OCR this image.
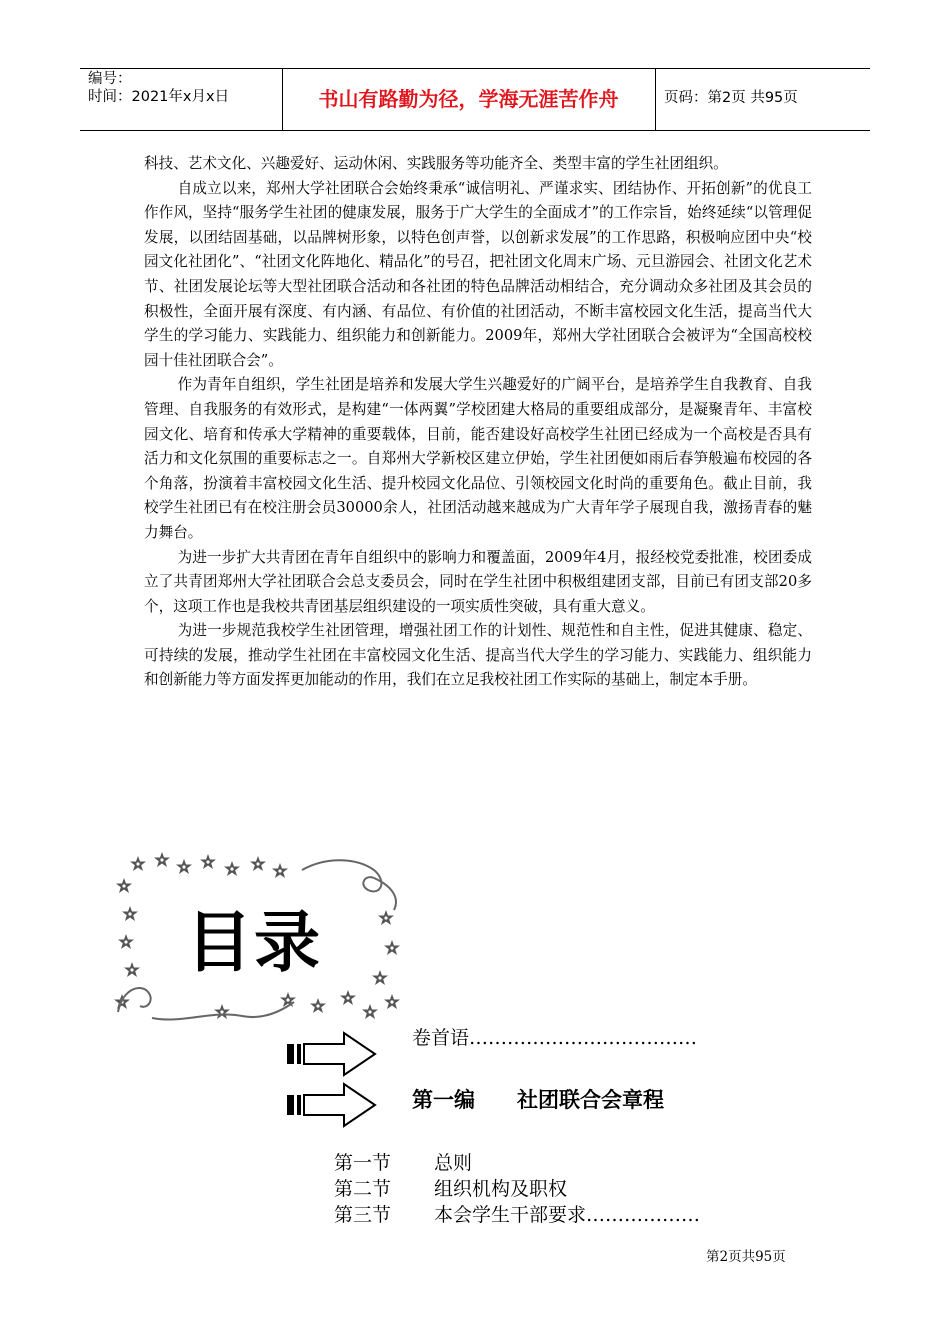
编号：
时间：2021年x月x日	书山有路勤为径，学海无涯苦作舟	页码：第2页 共95页

科技、艺术文化、兴趣爱好、运动休闲、实践服务等功能齐全、类型丰富的学生社团组织。

自成立以来，郑州大学社团联合会始终秉承“诚信明礼、严谨求实、团结协作、开拓创新”的优良工作作风，坚持“服务学生社团的健康发展，服务于广大学生的全面成才”的工作宗旨，始终延续“以管理促发展，以团结固基础，以品牌树形象，以特色创声誉，以创新求发展”的工作思路，积极响应团中央“校园文化社团化”、“社团文化阵地化、精品化”的号召，把社团文化周末广场、元旦游园会、社团文化艺术节、社团发展论坛等大型社团联合活动和各社团的特色品牌活动相结合，充分调动众多社团及其会员的积极性，全面开展有深度、有内涵、有品位、有价值的社团活动，不断丰富校园文化生活，提高当代大学生的学习能力、实践能力、组织能力和创新能力。2009年，郑州大学社团联合会被评为“全国高校校园十佳社团联合会”。

作为青年自组织，学生社团是培养和发展大学生兴趣爱好的广阔平台，是培养学生自我教育、自我管理、自我服务的有效形式，是构建“一体两翼”学校团建大格局的重要组成部分，是凝聚青年、丰富校园文化、培育和传承大学精神的重要载体，目前，能否建设好高校学生社团已经成为一个高校是否具有活力和文化氛围的重要标志之一。自郑州大学新校区建立伊始，学生社团便如雨后春笋般遍布校园的各个角落，扮演着丰富校园文化生活、提升校园文化品位、引领校园文化时尚的重要角色。截止目前，我校学生社团已有在校注册会员30000余人，社团活动越来越成为广大青年学子展现自我，激扬青春的魅力舞台。

为进一步扩大共青团在青年自组织中的影响力和覆盖面，2009年4月，报经校党委批准，校团委成立了共青团郑州大学社团联合会总支委员会，同时在学生社团中积极组建团支部，目前已有团支部20多个，这项工作也是我校共青团基层组织建设的一项实质性突破，具有重大意义。

为进一步规范我校学生社团管理，增强社团工作的计划性、规范性和自主性，促进其健康、稳定、可持续的发展，推动学生社团在丰富校园文化生活、提高当代大学生的学习能力、实践能力、组织能力和创新能力等方面发挥更加能动的作用，我们在立足我校社团工作实际的基础上，制定本手册。

目录
卷首语………………………………
第一编 社团联合会章程
第一节 总则
第二节 组织机构及职权
第三节 本会学生干部要求………………
第2页共95页
